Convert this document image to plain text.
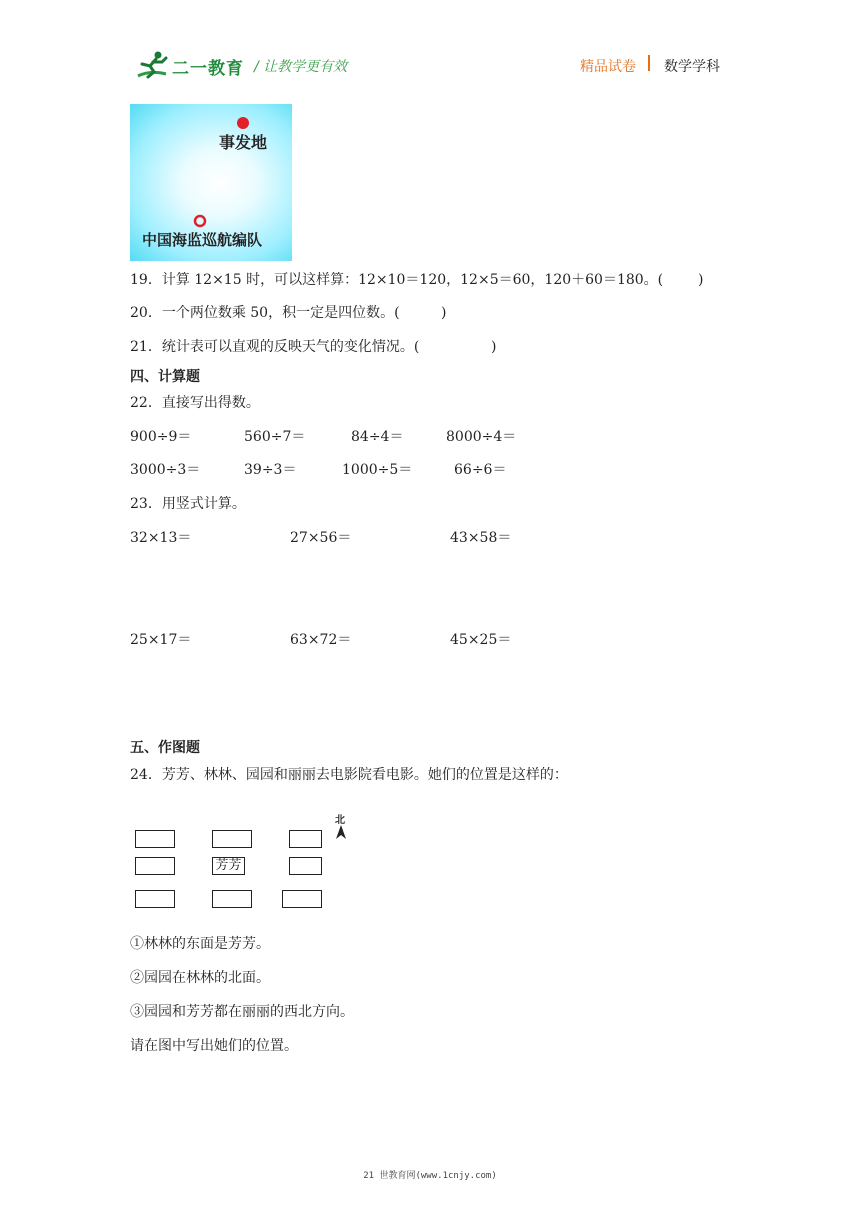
二一教育 / 让教学更有效	精品试卷 数学学科
事发地
中国海监巡航编队
19．计算 12×15 时，可以这样算：12×10＝120，12×5＝60，120＋60＝180。( )
20．一个两位数乘 50，积一定是四位数。(	)
21．统计表可以直观的反映天气的变化情况。(	)
四、计算题
22．直接写出得数。
900÷9＝	560÷7＝	84÷4＝	8000÷4＝
3000÷3＝	39÷3＝	1000÷5＝	66÷6＝
23．用竖式计算。
32×13＝	27×56＝	43×58＝
25×17＝	63×72＝	45×25＝
五、作图题
24．芳芳、林林、园园和丽丽去电影院看电影。她们的位置是这样的：
芳芳
北
①林林的东面是芳芳。
②园园在林林的北面。
③园园和芳芳都在丽丽的西北方向。
请在图中写出她们的位置。
21 世教育网(www.1cnjy.com)
